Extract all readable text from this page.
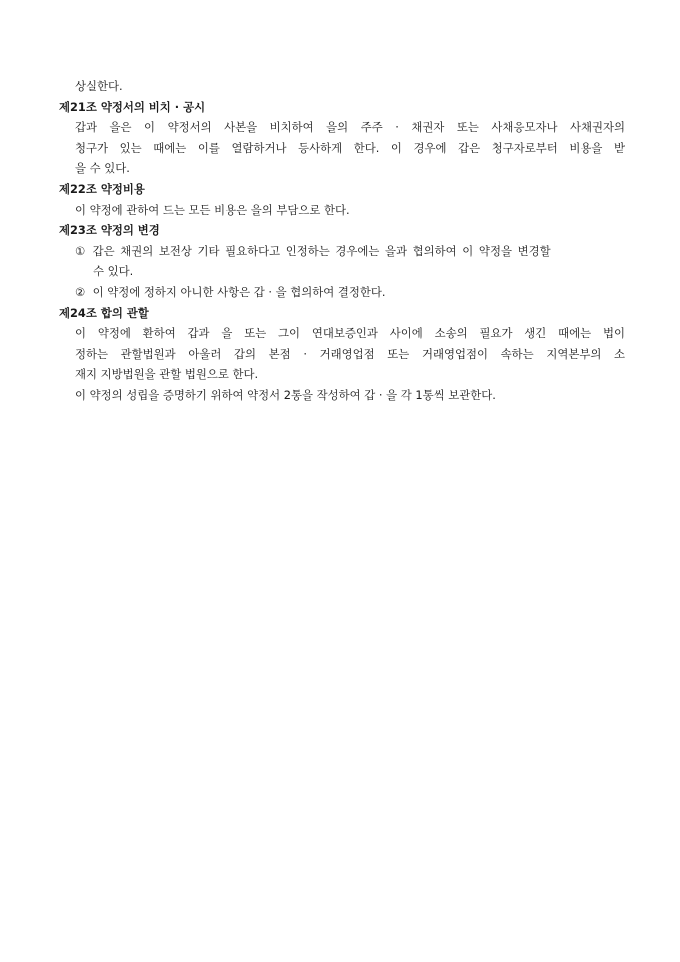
상실한다.
제21조 약정서의 비치 · 공시
갑과 을은 이 약정서의 사본을 비치하여 을의 주주 · 채권자 또는 사채응모자나 사채권자의
청구가 있는 때에는 이를 열람하거나 등사하게 한다. 이 경우에 갑은 청구자로부터 비용을 받
을 수 있다.
제22조 약정비용
이 약정에 관하여 드는 모든 비용은 을의 부담으로 한다.
제23조 약정의 변경
① 갑은 채권의 보전상 기타 필요하다고 인정하는 경우에는 을과 협의하여 이 약정을 변경할
수 있다.
② 이 약정에 정하지 아니한 사항은 갑 · 을 협의하여 결정한다.
제24조 합의 관할
이 약정에 환하여 갑과 을 또는 그이 연대보증인과 사이에 소송의 필요가 생긴 때에는 법이
정하는 관할법원과 아울러 갑의 본점 · 거래영업점 또는 거래영업점이 속하는 지역본부의 소
재지 지방법원을 관할 법원으로 한다.
이 약정의 성립을 증명하기 위하여 약정서 2통을 작성하여 갑 · 을 각 1통씩 보관한다.
